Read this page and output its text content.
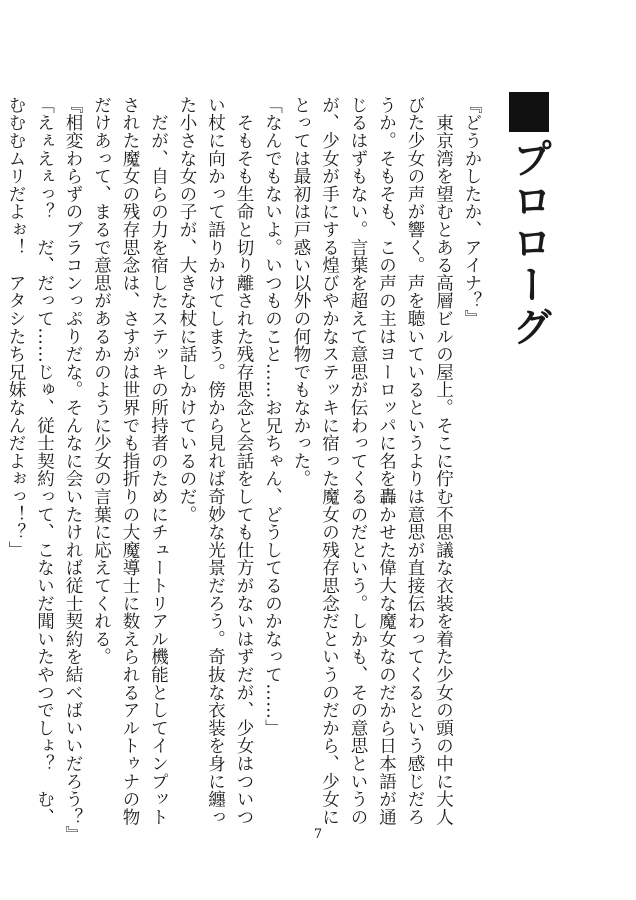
プロローグ
『どうかしたか、アイナ？』
　東京湾を望むとある高層ビルの屋上。そこに佇む不思議な衣装を着た少女の頭の中に大人
びた少女の声が響く。声を聴いているというよりは意思が直接伝わってくるという感じだろ
うか。そもそも、この声の主はヨーロッパに名を轟かせた偉大な魔女なのだから日本語が通
じるはずもない。言葉を超えて意思が伝わってくるのだという。しかも、その意思というの
が、少女が手にする煌びやかなステッキに宿った魔女の残存思念だというのだから、少女に
とっては最初は戸惑い以外の何物でもなかった。
「なんでもないよ。いつものこと……お兄ちゃん、どうしてるのかなって……」
　そもそも生命と切り離された残存思念と会話をしても仕方がないはずだが、少女はついつ
い杖に向かって語りかけてしまう。傍から見れば奇妙な光景だろう。奇抜な衣装を身に纏っ
た小さな女の子が、大きな杖に話しかけているのだ。
　だが、自らの力を宿したステッキの所持者のためにチュートリアル機能としてインプット
された魔女の残存思念は、さすがは世界でも指折りの大魔導士に数えられるアルトゥナの物
だけあって、まるで意思があるかのように少女の言葉に応えてくれる。
『相変わらずのブラコンっぷりだな。そんなに会いたければ従士契約を結べばいいだろう？』
「えぇえぇっ？　だ、だって……じゅ、従士契約って、こないだ聞いたやつでしょ？　む、
むむむムリだよぉ！　アタシたち兄妹なんだよぉっ！？」
7
